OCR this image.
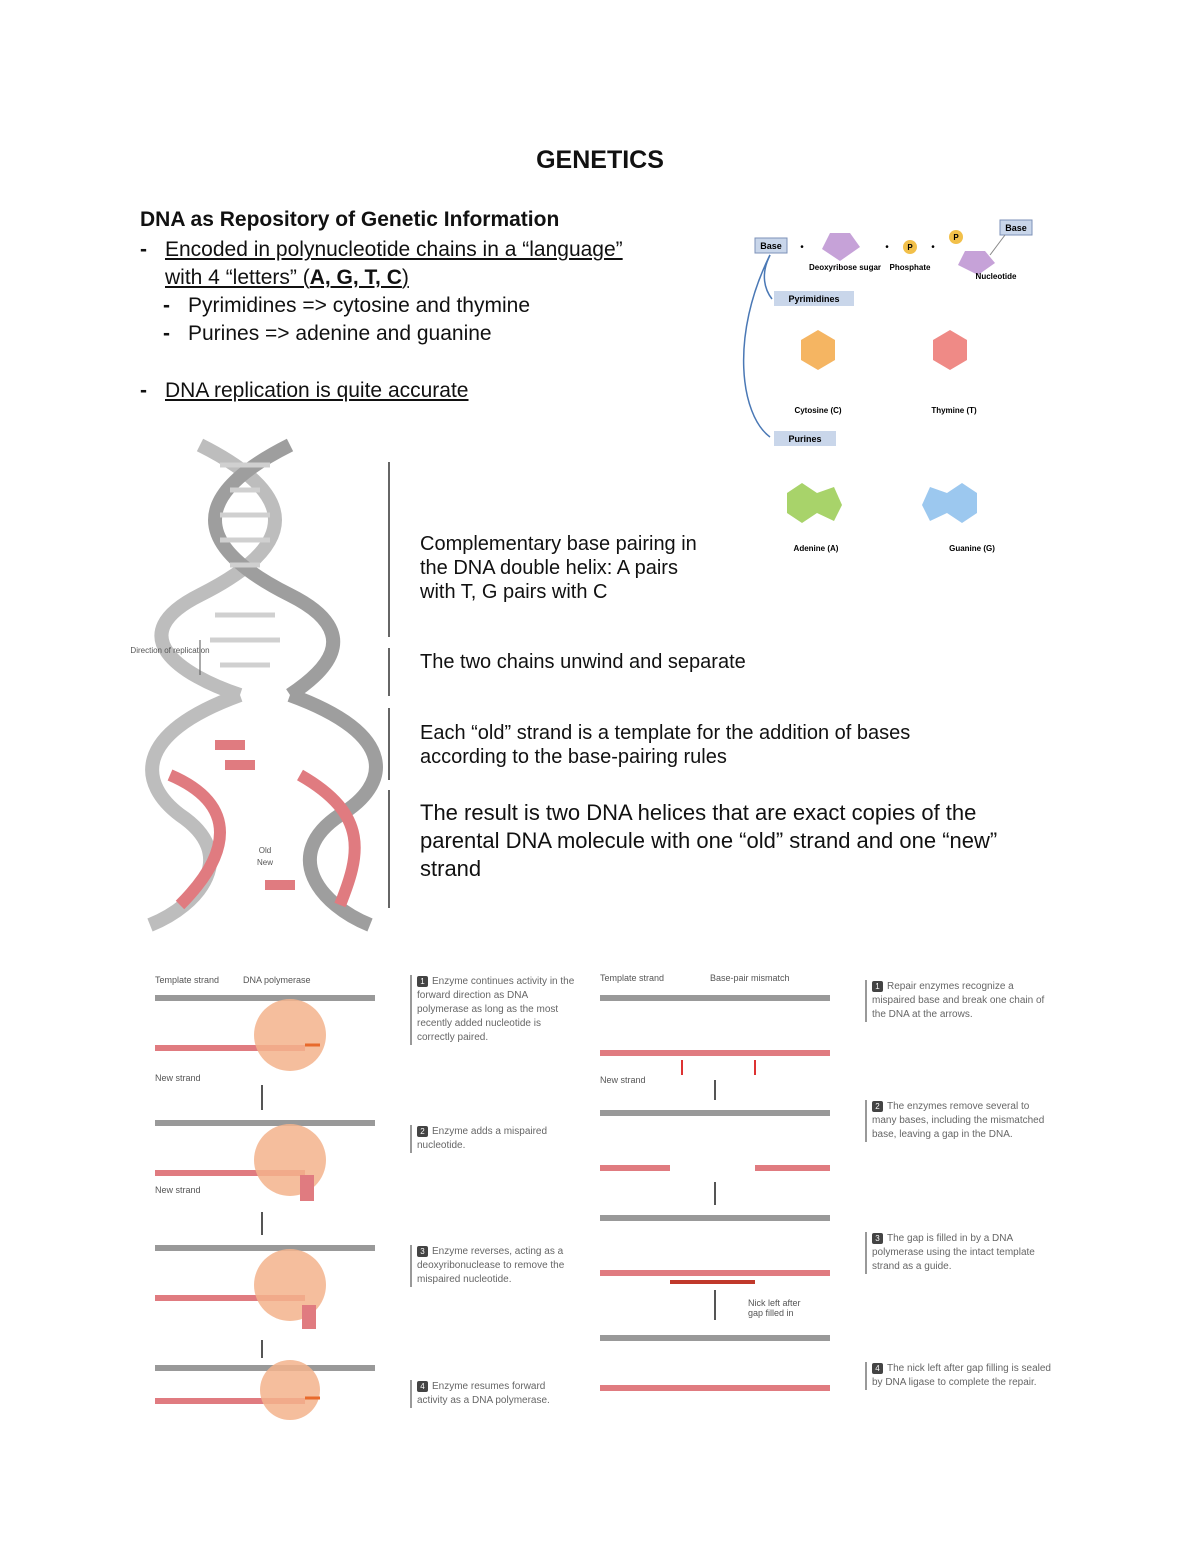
GENETICS
DNA as Repository of Genetic Information
- Encoded in polynucleotide chains in a “language”
with 4 “letters” (A, G, T, C)
- Pyrimidines => cytosine and thymine
- Purines => adenine and guanine
- DNA replication is quite accurate
Base •
Deoxyribose sugar
• P
Phosphate
•
P
Base
Nucleotide
Pyrimidines
Cytosine (C)	Thymine (T)
Purines
Adenine (A)	Guanine (G)
Direction of replication
Old
New
Complementary base pairing in the DNA double helix: A pairs with T, G pairs with C
The two chains unwind and separate
Each “old” strand is a template for the addition of bases according to the base-pairing rules
The result is two DNA helices that are exact copies of the parental DNA molecule with one “old” strand and one “new” strand
Template strand	DNA polymerase
New strand
New strand
1 Enzyme continues activity in the forward direction as DNA polymerase as long as the most recently added nucleotide is correctly paired.
2 Enzyme adds a mispaired nucleotide.
3 Enzyme reverses, acting as a deoxyribonuclease to remove the mispaired nucleotide.
4 Enzyme resumes forward activity as a DNA polymerase.
Template strand	Base-pair mismatch
New strand
Nick left after gap filled in
1 Repair enzymes recognize a mispaired base and break one chain of the DNA at the arrows.
2 The enzymes remove several to many bases, including the mismatched base, leaving a gap in the DNA.
3 The gap is filled in by a DNA polymerase using the intact template strand as a guide.
4 The nick left after gap filling is sealed by DNA ligase to complete the repair.
